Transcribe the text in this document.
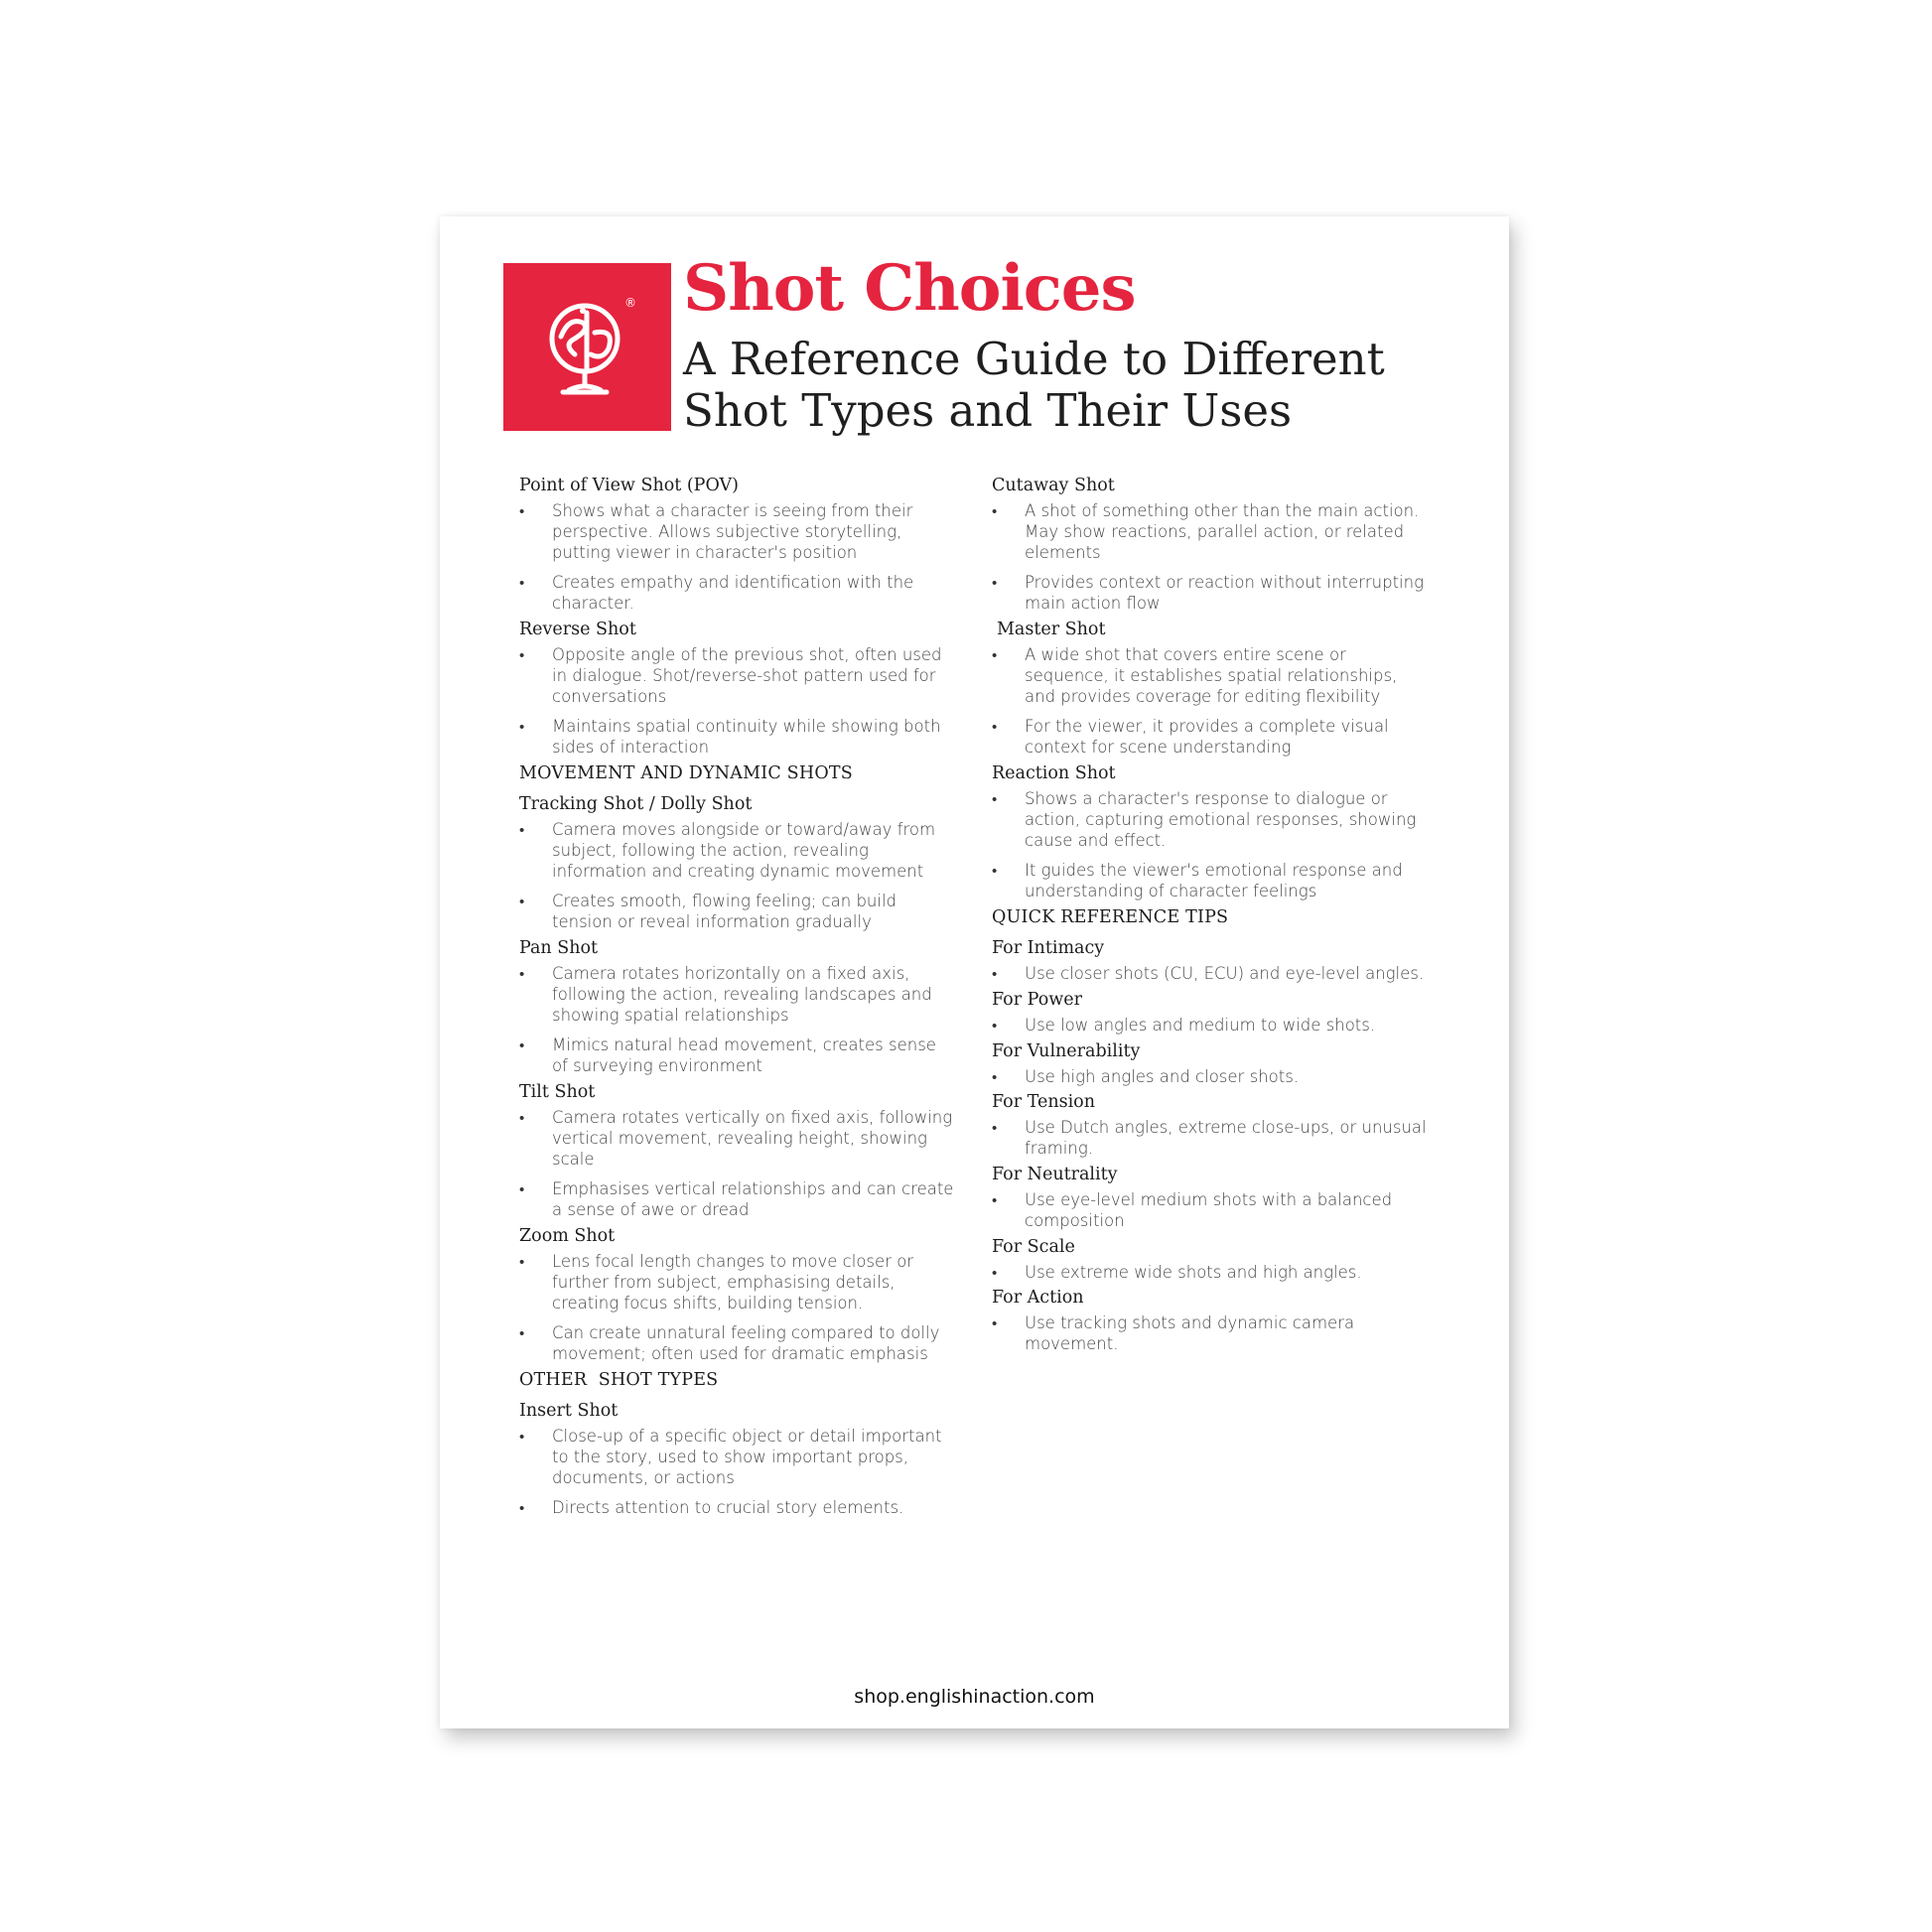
® Shot Choices
A Reference Guide to Different Shot Types and Their Uses
Point of View Shot (POV)
• Shows what a character is seeing from their perspective. Allows subjective storytelling, putting viewer in character's position
• Creates empathy and identification with the character.
Reverse Shot
• Opposite angle of the previous shot, often used in dialogue. Shot/reverse-shot pattern used for conversations
• Maintains spatial continuity while showing both sides of interaction
MOVEMENT AND DYNAMIC SHOTS
Tracking Shot / Dolly Shot
• Camera moves alongside or toward/away from subject, following the action, revealing information and creating dynamic movement
• Creates smooth, flowing feeling; can build tension or reveal information gradually
Pan Shot
• Camera rotates horizontally on a fixed axis, following the action, revealing landscapes and showing spatial relationships
• Mimics natural head movement, creates sense of surveying environment
Tilt Shot
• Camera rotates vertically on fixed axis, following vertical movement, revealing height, showing scale
• Emphasises vertical relationships and can create a sense of awe or dread
Zoom Shot
• Lens focal length changes to move closer or further from subject, emphasising details, creating focus shifts, building tension.
• Can create unnatural feeling compared to dolly movement; often used for dramatic emphasis
OTHER  SHOT TYPES
Insert Shot
• Close-up of a specific object or detail important to the story, used to show important props, documents, or actions
• Directs attention to crucial story elements.
Cutaway Shot
• A shot of something other than the main action. May show reactions, parallel action, or related elements
• Provides context or reaction without interrupting main action flow
Master Shot
• A wide shot that covers entire scene or sequence, it establishes spatial relationships, and provides coverage for editing flexibility
• For the viewer, it provides a complete visual context for scene understanding
Reaction Shot
• Shows a character's response to dialogue or action, capturing emotional responses, showing cause and effect.
• It guides the viewer's emotional response and understanding of character feelings
QUICK REFERENCE TIPS
For Intimacy
• Use closer shots (CU, ECU) and eye-level angles.
For Power
• Use low angles and medium to wide shots.
For Vulnerability
• Use high angles and closer shots.
For Tension
• Use Dutch angles, extreme close-ups, or unusual framing.
For Neutrality
• Use eye-level medium shots with a balanced composition
For Scale
• Use extreme wide shots and high angles.
For Action
• Use tracking shots and dynamic camera movement.
shop.englishinaction.com
